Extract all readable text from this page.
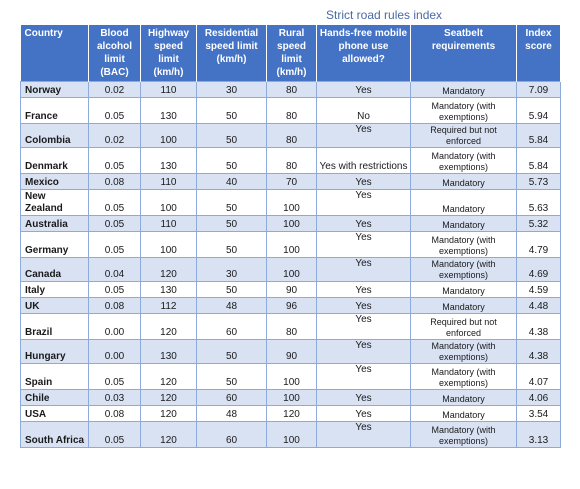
Strict road rules index
Country	Blood alcohol limit (BAC)	Highway speed limit (km/h)	Residential speed limit (km/h)	Rural speed limit (km/h)	Hands-free mobile phone use allowed?	Seatbelt requirements	Index score
Norway	0.02	110	30	80	Yes	Mandatory	7.09
France	0.05	130	50	80	No	Mandatory (with exemptions)	5.94
Colombia	0.02	100	50	80	Yes	Required but not enforced	5.84
Denmark	0.05	130	50	80	Yes with restrictions	Mandatory (with exemptions)	5.84
Mexico	0.08	110	40	70	Yes	Mandatory	5.73
New Zealand	0.05	100	50	100	Yes	Mandatory	5.63
Australia	0.05	110	50	100	Yes	Mandatory	5.32
Germany	0.05	100	50	100	Yes	Mandatory (with exemptions)	4.79
Canada	0.04	120	30	100	Yes	Mandatory (with exemptions)	4.69
Italy	0.05	130	50	90	Yes	Mandatory	4.59
UK	0.08	112	48	96	Yes	Mandatory	4.48
Brazil	0.00	120	60	80	Yes	Required but not enforced	4.38
Hungary	0.00	130	50	90	Yes	Mandatory (with exemptions)	4.38
Spain	0.05	120	50	100	Yes	Mandatory (with exemptions)	4.07
Chile	0.03	120	60	100	Yes	Mandatory	4.06
USA	0.08	120	48	120	Yes	Mandatory	3.54
South Africa	0.05	120	60	100	Yes	Mandatory (with exemptions)	3.13
